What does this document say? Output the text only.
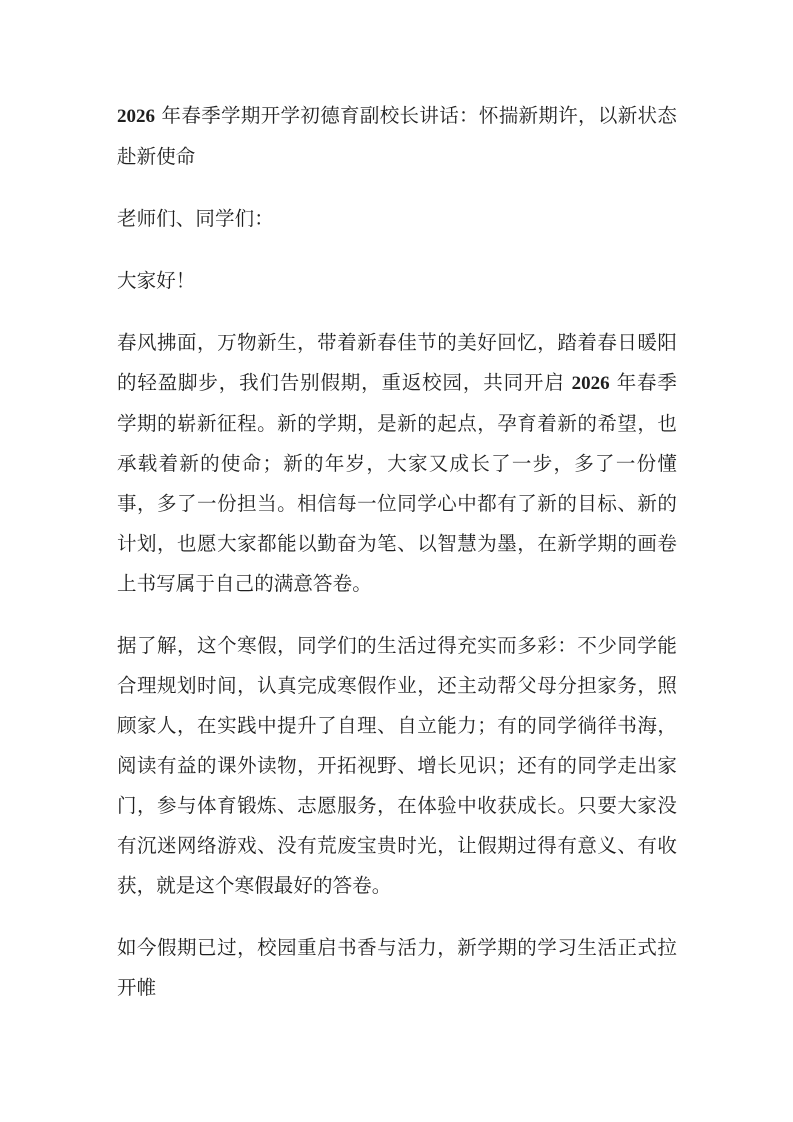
2026 年春季学期开学初德育副校长讲话：怀揣新期许，以新状态赴新使命

老师们、同学们：

大家好！

春风拂面，万物新生，带着新春佳节的美好回忆，踏着春日暖阳的轻盈脚步，我们告别假期，重返校园，共同开启 2026 年春季学期的崭新征程。新的学期，是新的起点，孕育着新的希望，也承载着新的使命；新的年岁，大家又成长了一步，多了一份懂事，多了一份担当。相信每一位同学心中都有了新的目标、新的计划，也愿大家都能以勤奋为笔、以智慧为墨，在新学期的画卷上书写属于自己的满意答卷。

据了解，这个寒假，同学们的生活过得充实而多彩：不少同学能合理规划时间，认真完成寒假作业，还主动帮父母分担家务，照顾家人，在实践中提升了自理、自立能力；有的同学徜徉书海，阅读有益的课外读物，开拓视野、增长见识；还有的同学走出家门，参与体育锻炼、志愿服务，在体验中收获成长。只要大家没有沉迷网络游戏、没有荒废宝贵时光，让假期过得有意义、有收获，就是这个寒假最好的答卷。

如今假期已过，校园重启书香与活力，新学期的学习生活正式拉开帷
